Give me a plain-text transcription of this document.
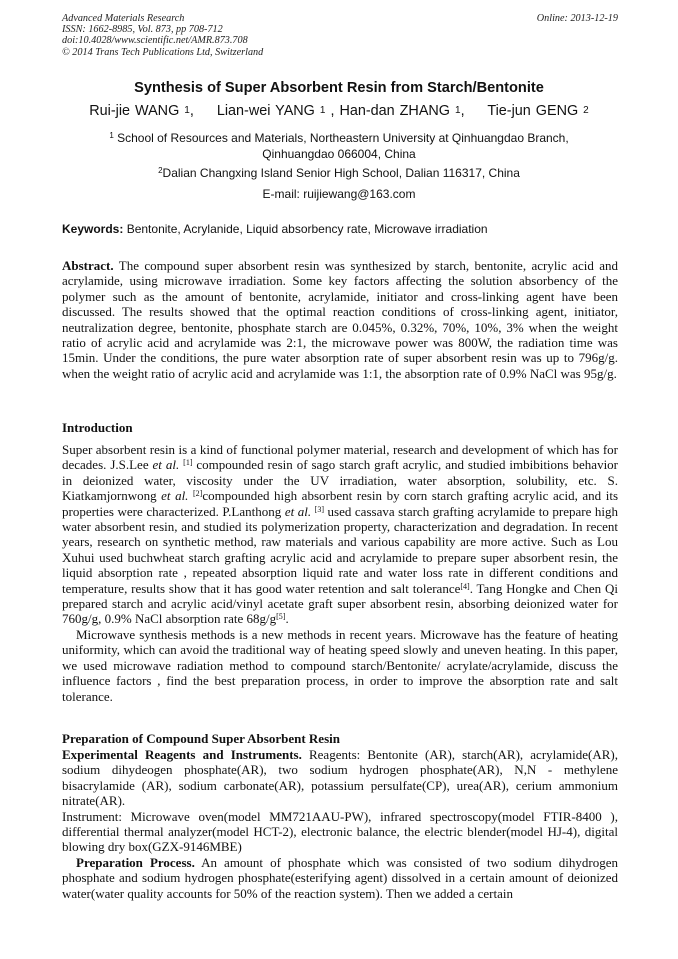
Advanced Materials Research
ISSN: 1662-8985, Vol. 873, pp 708-712
doi:10.4028/www.scientific.net/AMR.873.708
© 2014 Trans Tech Publications Ltd, Switzerland
Online: 2013-12-19
Synthesis of Super Absorbent Resin from Starch/Bentonite
Rui-jie WANG $^1$, Lian-wei YANG $^1$ , Han-dan ZHANG $^1$, Tie-jun GENG $^2$
$^1$ School of Resources and Materials, Northeastern University at Qinhuangdao Branch,
Qinhuangdao 066004, China
$^2$Dalian Changxing Island Senior High School, Dalian 116317, China
E-mail: ruijiewang@163.com
Keywords: Bentonite, Acrylanide, Liquid absorbency rate, Microwave irradiation

Abstract. The compound super absorbent resin was synthesized by starch, bentonite, acrylic acid and acrylamide, using microwave irradiation. Some key factors affecting the solution absorbency of the polymer such as the amount of bentonite, acrylamide, initiator and cross-linking agent have been discussed. The results showed that the optimal reaction conditions of cross-linking agent, initiator, neutralization degree, bentonite, phosphate starch are 0.045%, 0.32%, 70%, 10%, 3% when the weight ratio of acrylic acid and acrylamide was 2:1, the microwave power was 800W, the radiation time was 15min. Under the conditions, the pure water absorption rate of super absorbent resin was up to 796g/g. when the weight ratio of acrylic acid and acrylamide was 1:1, the absorption rate of 0.9% NaCl was 95g/g.

Introduction

Super absorbent resin is a kind of functional polymer material, research and development of which has for decades. J.S.Lee et al. [1] compounded resin of sago starch graft acrylic, and studied imbibitions behavior in deionized water, viscosity under the UV irradiation, water absorption, solubility, etc. S. Kiatkamjornwong et al. [2]compounded high absorbent resin by corn starch grafting acrylic acid, and its properties were characterized. P.Lanthong et al. [3] used cassava starch grafting acrylamide to prepare high water absorbent resin, and studied its polymerization property, characterization and degradation. In recent years, research on synthetic method, raw materials and various capability are more active. Such as Lou Xuhui used buchwheat starch grafting acrylic acid and acrylamide to prepare super absorbent resin, the liquid absorption rate , repeated absorption liquid rate and water loss rate in different conditions and temperature, results show that it has good water retention and salt tolerance[4]. Tang Hongke and Chen Qi prepared starch and acrylic acid/vinyl acetate graft super absorbent resin, absorbing deionized water for 760g/g, 0.9% NaCl absorption rate 68g/g[5].

Microwave synthesis methods is a new methods in recent years. Microwave has the feature of heating uniformity, which can avoid the traditional way of heating speed slowly and uneven heating. In this paper, we used microwave radiation method to compound starch/Bentonite/ acrylate/acrylamide, discuss the influence factors , find the best preparation process, in order to improve the absorption rate and salt tolerance.

Preparation of Compound Super Absorbent Resin

Experimental Reagents and Instruments. Reagents: Bentonite (AR), starch(AR), acrylamide(AR), sodium dihydeogen phosphate(AR), two sodium hydrogen phosphate(AR), N,N - methylene bisacrylamide (AR), sodium carbonate(AR), potassium persulfate(CP), urea(AR), cerium ammonium nitrate(AR).

Instrument: Microwave oven(model MM721AAU-PW), infrared spectroscopy(model FTIR-8400 ), differential thermal analyzer(model HCT-2), electronic balance, the electric blender(model HJ-4), digital blowing dry box(GZX-9146MBE)

Preparation Process. An amount of phosphate which was consisted of two sodium dihydrogen phosphate and sodium hydrogen phosphate(esterifying agent) dissolved in a certain amount of deionized water(water quality accounts for 50% of the reaction system). Then we added a certain
